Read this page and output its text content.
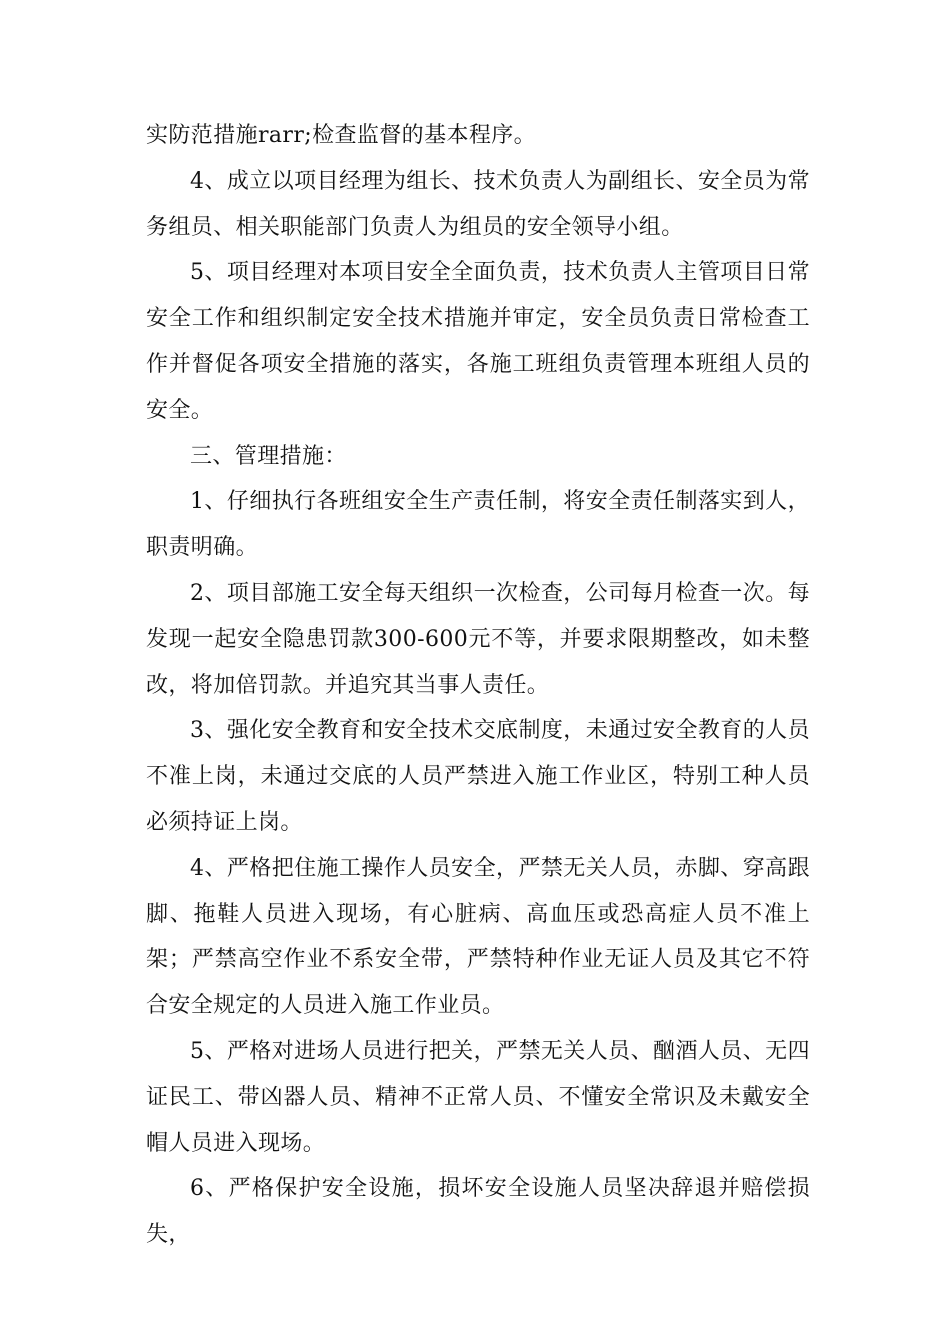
实防范措施rarr;检查监督的基本程序。

4、成立以项目经理为组长、技术负责人为副组长、安全员为常务组员、相关职能部门负责人为组员的安全领导小组。

5、项目经理对本项目安全全面负责，技术负责人主管项目日常安全工作和组织制定安全技术措施并审定，安全员负责日常检查工作并督促各项安全措施的落实，各施工班组负责管理本班组人员的安全。

三、管理措施：

1、仔细执行各班组安全生产责任制，将安全责任制落实到人，职责明确。

2、项目部施工安全每天组织一次检查，公司每月检查一次。每发现一起安全隐患罚款300-600元不等，并要求限期整改，如未整改，将加倍罚款。并追究其当事人责任。

3、强化安全教育和安全技术交底制度，未通过安全教育的人员不准上岗，未通过交底的人员严禁进入施工作业区，特别工种人员必须持证上岗。

4、严格把住施工操作人员安全，严禁无关人员，赤脚、穿高跟脚、拖鞋人员进入现场，有心脏病、高血压或恐高症人员不准上架；严禁高空作业不系安全带，严禁特种作业无证人员及其它不符合安全规定的人员进入施工作业员。

5、严格对进场人员进行把关，严禁无关人员、酗酒人员、无四证民工、带凶器人员、精神不正常人员、不懂安全常识及未戴安全帽人员进入现场。

6、严格保护安全设施，损坏安全设施人员坚决辞退并赔偿损失，
